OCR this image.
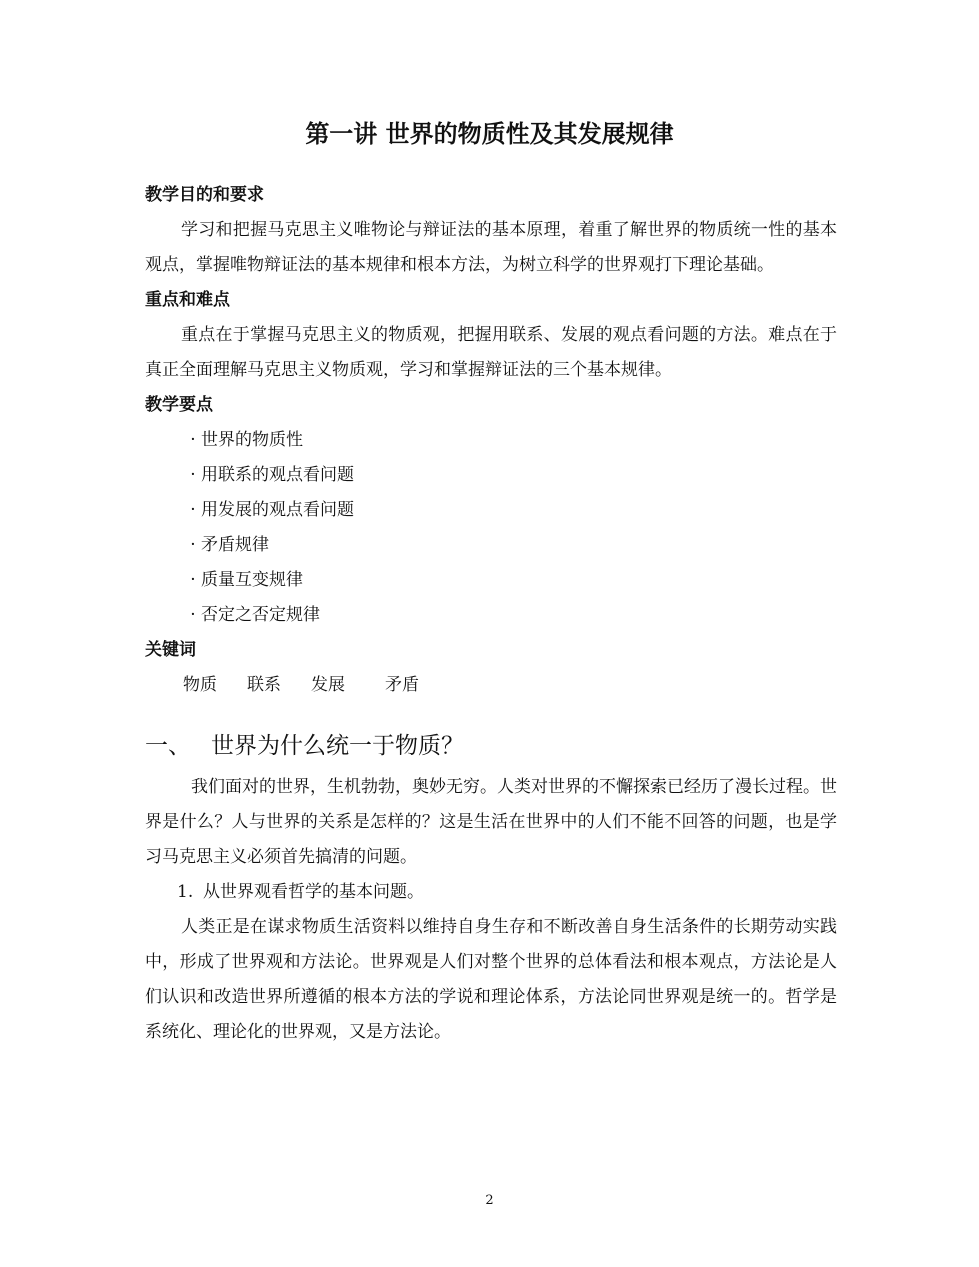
第一讲 世界的物质性及其发展规律
教学目的和要求

学习和把握马克思主义唯物论与辩证法的基本原理，着重了解世界的物质统一性的基本观点，掌握唯物辩证法的基本规律和根本方法，为树立科学的世界观打下理论基础。

重点和难点

重点在于掌握马克思主义的物质观，把握用联系、发展的观点看问题的方法。难点在于真正全面理解马克思主义物质观，学习和掌握辩证法的三个基本规律。

教学要点
· 世界的物质性
· 用联系的观点看问题
· 用发展的观点看问题
· 矛盾规律
· 质量互变规律
· 否定之否定规律
关键词
物质 联系 发展 矛盾
一、 世界为什么统一于物质？

我们面对的世界，生机勃勃，奥妙无穷。人类对世界的不懈探索已经历了漫长过程。世界是什么？人与世界的关系是怎样的？这是生活在世界中的人们不能不回答的问题，也是学习马克思主义必须首先搞清的问题。

1. 从世界观看哲学的基本问题。

人类正是在谋求物质生活资料以维持自身生存和不断改善自身生活条件的长期劳动实践中，形成了世界观和方法论。世界观是人们对整个世界的总体看法和根本观点，方法论是人们认识和改造世界所遵循的根本方法的学说和理论体系，方法论同世界观是统一的。哲学是系统化、理论化的世界观，又是方法论。

2
